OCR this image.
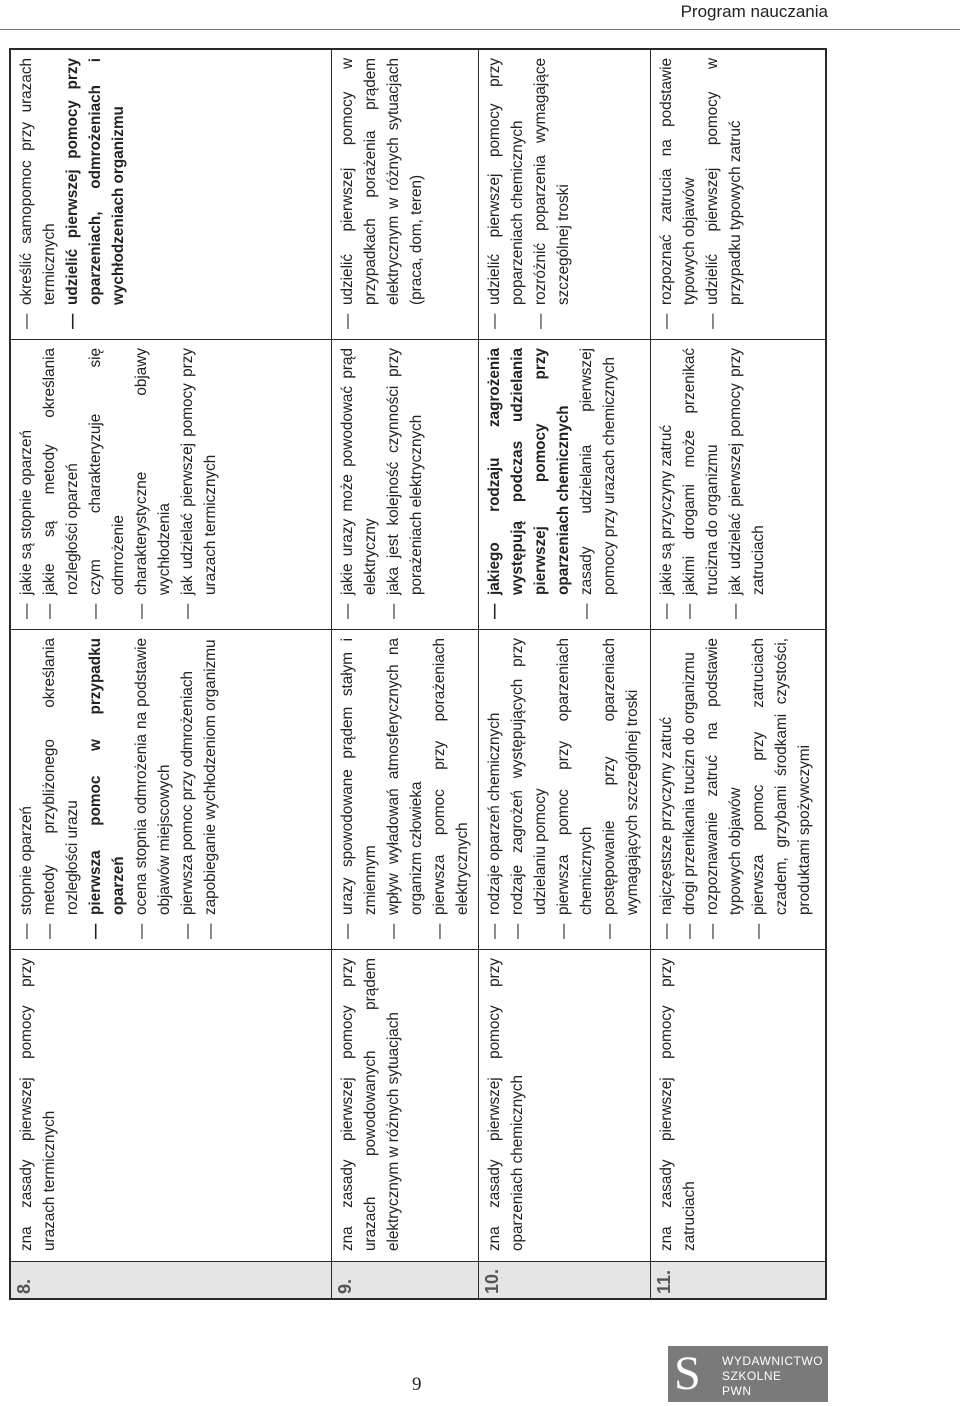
Program nauczania
8.
zna zasady pierwszej pomocy przy urazach termicznych
— stopnie oparzeń — metody przybliżonego określania rozległości urazu — pierwsza pomoc w przypadku oparzeń — ocena stopnia odmrożenia na podstawie objawów miejscowych — pierwsza pomoc przy odmrożeniach — zapobieganie wychłodzeniom organizmu
— jakie są stopnie oparzeń — jakie są metody określania rozległości oparzeń — czym charakteryzuje się odmrożenie — charakterystyczne objawy wychłodzenia — jak udzielać pierwszej pomocy przy urazach termicznych
— określić samopomoc przy urazach termicznych — udzielić pierwszej pomocy przy oparzeniach, odmrożeniach i wychłodzeniach organizmu
9.
zna zasady pierwszej pomocy przy urazach powodowanych prądem elektrycznym w różnych sytuacjach
— urazy spowodowane prądem stałym i zmiennym — wpływ wyładowań atmosferycznych na organizm człowieka — pierwsza pomoc przy porażeniach elektrycznych
— jakie urazy może powodować prąd elektryczny — jaka jest kolejność czynności przy porażeniach elektrycznych
— udzielić pierwszej pomocy w przypadkach porażenia prądem elektrycznym w różnych sytuacjach (praca, dom, teren)
10.
zna zasady pierwszej pomocy przy oparzeniach chemicznych
— rodzaje oparzeń chemicznych — rodzaje zagrożeń występujących przy udzielaniu pomocy — pierwsza pomoc przy oparzeniach chemicznych — postępowanie przy oparzeniach wymagających szczególnej troski
— jakiego rodzaju zagrożenia występują podczas udzielania pierwszej pomocy przy oparzeniach chemicznych — zasady udzielania pierwszej pomocy przy urazach chemicznych
— udzielić pierwszej pomocy przy poparzeniach chemicznych — rozróżnić poparzenia wymagające szczególnej troski
11.
zna zasady pierwszej pomocy przy zatruciach
— najczęstsze przyczyny zatruć — drogi przenikania trucizn do organizmu — rozpoznawanie zatruć na podstawie typowych objawów — pierwsza pomoc przy zatruciach czadem, grzybami środkami czystości, produktami spożywczymi
— jakie są przyczyny zatruć — jakimi drogami może przenikać trucizna do organizmu — jak udzielać pierwszej pomocy przy zatruciach
— rozpoznać zatrucia na podstawie typowych objawów — udzielić pierwszej pomocy w przypadku typowych zatruć
9	S WYDAWNICTWO
SZKOLNE
PWN
